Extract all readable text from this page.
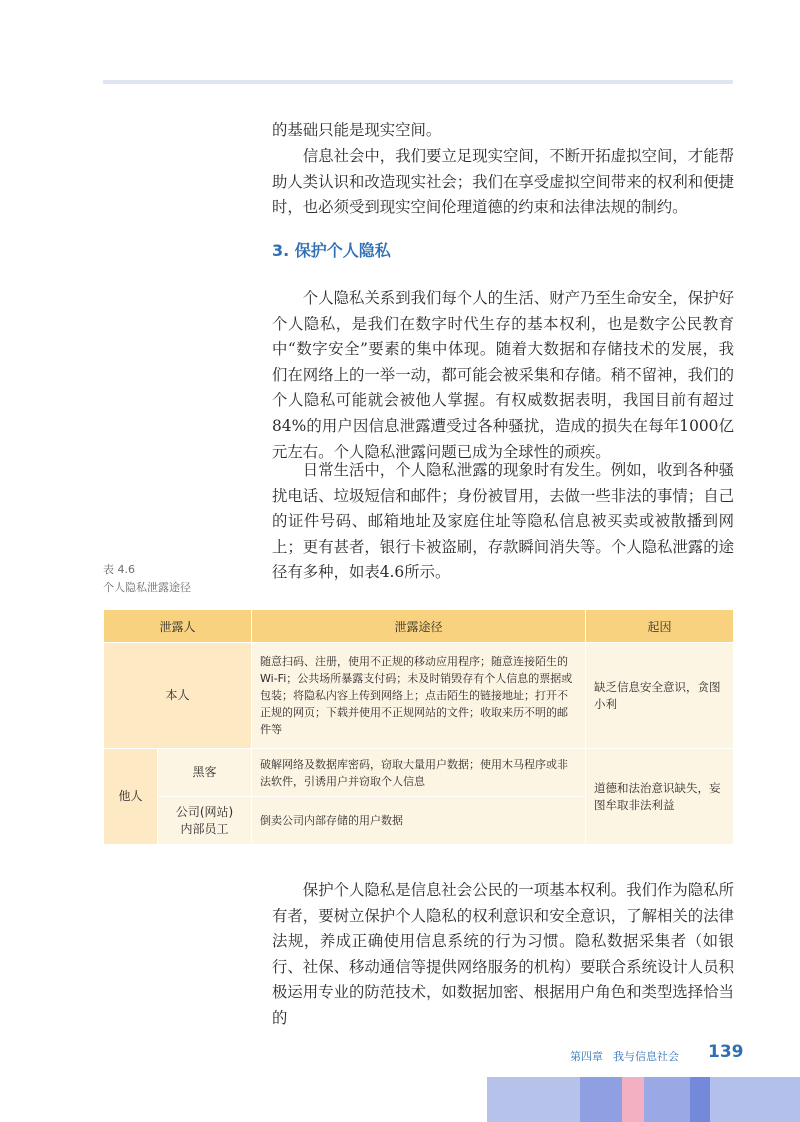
的基础只能是现实空间。

信息社会中，我们要立足现实空间，不断开拓虚拟空间，才能帮助人类认识和改造现实社会；我们在享受虚拟空间带来的权利和便捷时，也必须受到现实空间伦理道德的约束和法律法规的制约。

3. 保护个人隐私

个人隐私关系到我们每个人的生活、财产乃至生命安全，保护好个人隐私，是我们在数字时代生存的基本权利，也是数字公民教育中“数字安全”要素的集中体现。随着大数据和存储技术的发展，我们在网络上的一举一动，都可能会被采集和存储。稍不留神，我们的个人隐私可能就会被他人掌握。有权威数据表明，我国目前有超过84%的用户因信息泄露遭受过各种骚扰，造成的损失在每年1000亿元左右。个人隐私泄露问题已成为全球性的顽疾。

日常生活中，个人隐私泄露的现象时有发生。例如，收到各种骚扰电话、垃圾短信和邮件；身份被冒用，去做一些非法的事情；自己的证件号码、邮箱地址及家庭住址等隐私信息被买卖或被散播到网上；更有甚者，银行卡被盗刷，存款瞬间消失等。个人隐私泄露的途径有多种，如表4.6所示。

表 4.6
个人隐私泄露途径
泄露人		泄露途径	起因
本人		随意扫码、注册，使用不正规的移动应用程序；随意连接陌生的Wi-Fi；公共场所暴露支付码；未及时销毁存有个人信息的票据或包装；将隐私内容上传到网络上；点击陌生的链接地址；打开不正规的网页；下载并使用不正规网站的文件；收取来历不明的邮件等	缺乏信息安全意识，贪图小利
他人	黑客	破解网络及数据库密码，窃取大量用户数据；使用木马程序或非法软件，引诱用户并窃取个人信息	道德和法治意识缺失，妄图牟取非法利益
	公司(网站)内部员工	倒卖公司内部存储的用户数据	

保护个人隐私是信息社会公民的一项基本权利。我们作为隐私所有者，要树立保护个人隐私的权利意识和安全意识，了解相关的法律法规，养成正确使用信息系统的行为习惯。隐私数据采集者（如银行、社保、移动通信等提供网络服务的机构）要联合系统设计人员积极运用专业的防范技术，如数据加密、根据用户角色和类型选择恰当的

第四章 我与信息社会 139
